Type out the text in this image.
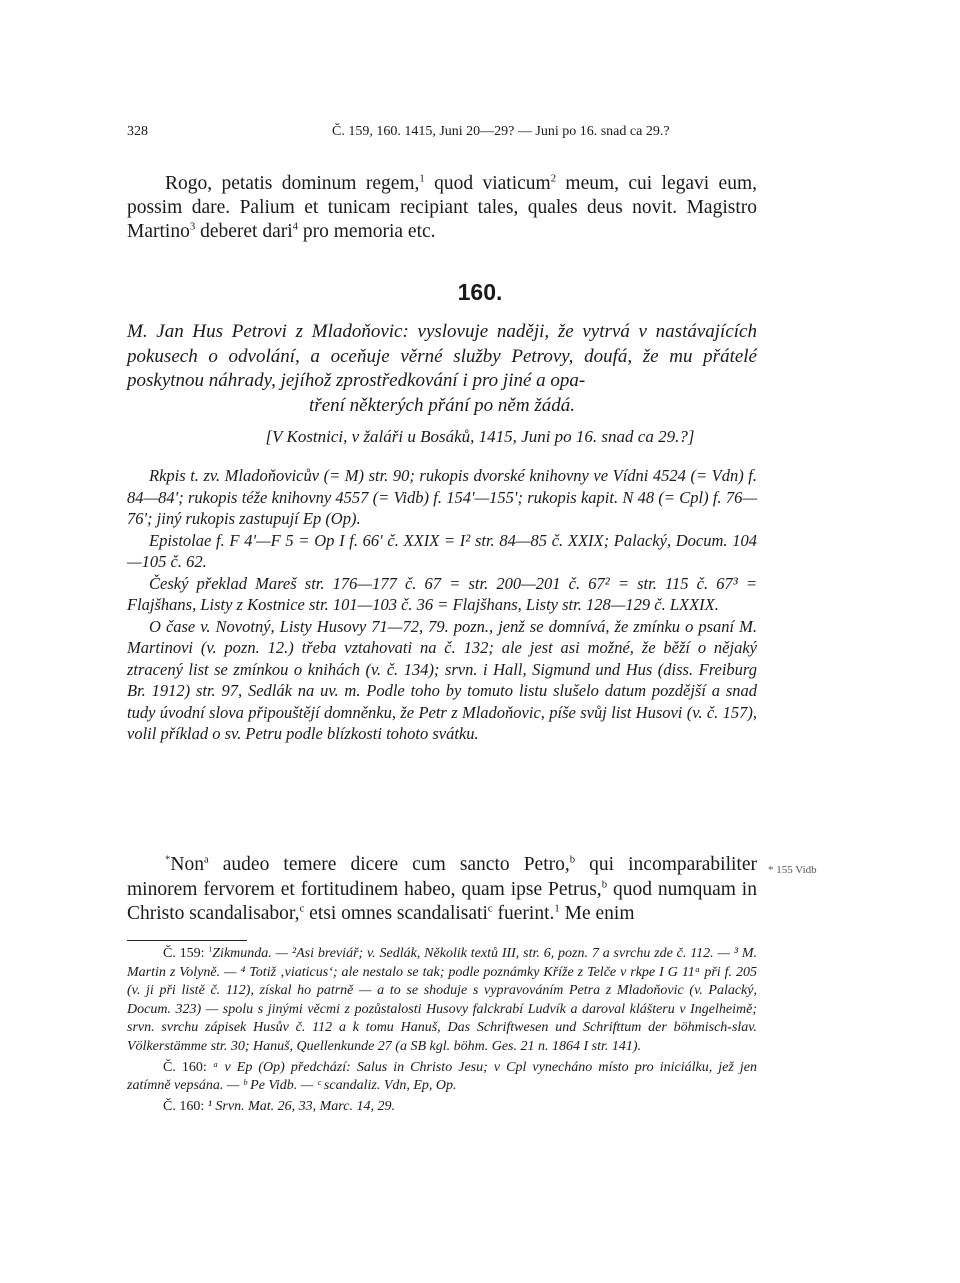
328	Č. 159, 160. 1415, Juni 20—29? — Juni po 16. snad ca 29.?

Rogo, petatis dominum regem,$^1$ quod viaticum$^2$ meum, cui legavi eum, possim dare. Palium et tunicam recipiant tales, quales deus novit. Magistro Martino$^3$ deberet dari$^4$ pro memoria etc.

160.
M. Jan Hus Petrovi z Mladoňovic: vyslovuje naději, že vytrvá v nastávajících pokusech o odvolání, a oceňuje věrné služby Petrovy, doufá, že mu přátelé poskytnou náhrady, jejíhož zprostředkování i pro jiné a opa-
tření některých přání po něm žádá.
[V Kostnici, v žaláři u Bosáků, 1415, Juni po 16. snad ca 29.?]

Rkpis t. zv. Mladoňovicův (= M) str. 90; rukopis dvorské knihovny ve Vídni 4524 (= Vdn) f. 84—84'; rukopis téže knihovny 4557 (= Vidb) f. 154'—155'; rukopis kapit. N 48 (= Cpl) f. 76—76'; jiný rukopis zastupují Ep (Op).

Epistolae f. F 4'—F 5 = Op I f. 66' č. XXIX = I² str. 84—85 č. XXIX; Palacký, Docum. 104—105 č. 62.

Český překlad Mareš str. 176—177 č. 67 = str. 200—201 č. 67² = str. 115 č. 67³ = Flajšhans, Listy z Kostnice str. 101—103 č. 36 = Flajšhans, Listy str. 128—129 č. LXXIX.

O čase v. Novotný, Listy Husovy 71—72, 79. pozn., jenž se domnívá, že zmínku o psaní M. Martinovi (v. pozn. 12.) třeba vztahovati na č. 132; ale jest asi možné, že běží o nějaký ztracený list se zmínkou o knihách (v. č. 134); srvn. i Hall, Sigmund und Hus (diss. Freiburg Br. 1912) str. 97, Sedlák na uv. m. Podle toho by tomuto listu slušelo datum pozdější a snad tudy úvodní slova připouštějí domněnku, že Petr z Mladoňovic, píše svůj list Husovi (v. č. 157), volil příklad o sv. Petru podle blízkosti tohoto svátku.

*Non$^a$ audeo temere dicere cum sancto Petro,$^b$ qui incomparabiliter minorem fervorem et fortitudinem habeo, quam ipse Petrus,$^b$ quod numquam in Christo scandalisabor,$^c$ etsi omnes scandalisati$^c$ fuerint.$^1$ Me enim

* 155 Vidb

Č. 159: $^1$Zikmunda. — ²Asi breviář; v. Sedlák, Několik textů III, str. 6, pozn. 7 a svrchu zde č. 112. — ³ M. Martin z Volyně. — ⁴ Totiž ‚viaticus‘; ale nestalo se tak; podle poznámky Kříže z Telče v rkpe I G 11ᵃ při f. 205 (v. ji při listě č. 112), získal ho patrně — a to se shoduje s vypravováním Petra z Mladoňovic (v. Palacký, Docum. 323) — spolu s jinými věcmi z pozůstalosti Husovy falckrabí Ludvík a daroval klášteru v Ingelheimě; srvn. svrchu zápisek Husův č. 112 a k tomu Hanuš, Das Schriftwesen und Schrifttum der böhmisch-slav. Völkerstämme str. 30; Hanuš, Quellenkunde 27 (a SB kgl. böhm. Ges. 21 n. 1864 I str. 141).

Č. 160: ᵃ v Ep (Op) předchází: Salus in Christo Jesu; v Cpl vynecháno místo pro iniciálku, jež jen zatímně vepsána. — ᵇ Pe Vidb. — ᶜ scandaliz. Vdn, Ep, Op.

Č. 160: ¹ Srvn. Mat. 26, 33, Marc. 14, 29.
